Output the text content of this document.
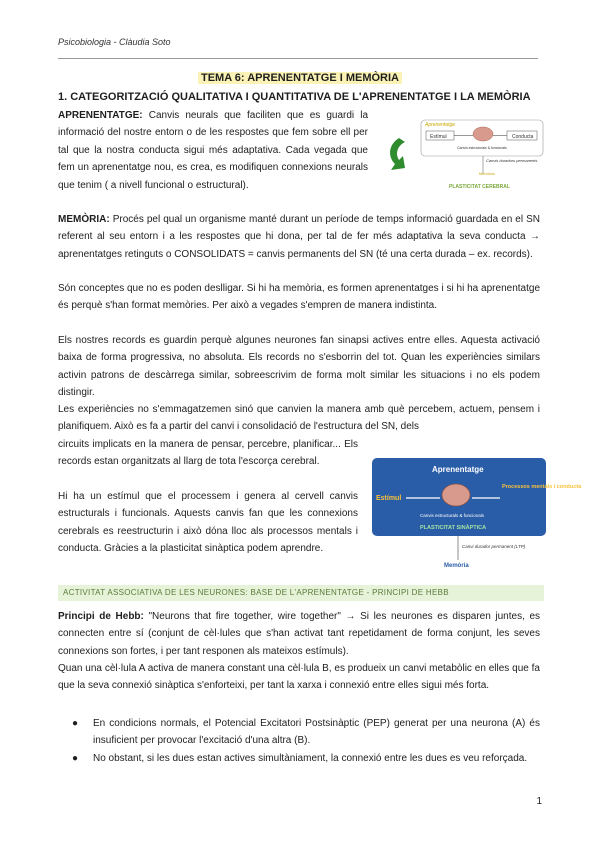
Psicobiologia - Clàudia Soto
TEMA 6: APRENENTATGE I MEMÒRIA
1. CATEGORITZACIÓ QUALITATIVA I QUANTITATIVA DE L'APRENENTATGE I LA MEMÒRIA
APRENENTATGE: Canvis neurals que faciliten que es guardi la informació del nostre entorn o de les respostes que fem sobre ell per tal que la nostra conducta sigui més adaptativa. Cada vegada que fem un aprenentatge nou, es crea, es modifiquen connexions neurals que tenim ( a nivell funcional o estructural).
Aprenentatge
Estímul	Conducta
Canvis estructurals & funcionals
Canvis duradors permanents
Memòria
PLASTICITAT CEREBRAL
MEMÒRIA: Procés pel qual un organisme manté durant un període de temps informació guardada en el SN referent al seu entorn i a les respostes que hi dona, per tal de fer més adaptativa la seva conducta → aprenentatges retinguts o CONSOLIDATS = canvis permanents del SN (té una certa durada – ex. records).
Són conceptes que no es poden deslligar. Si hi ha memòria, es formen aprenentatges i si hi ha aprenentatge és perquè s'han format memòries. Per això a vegades s'empren de manera indistinta.
Els nostres records es guardin perquè algunes neurones fan sinapsi actives entre elles. Aquesta activació baixa de forma progressiva, no absoluta. Els records no s'esborrin del tot. Quan les experiències similars activin patrons de descàrrega similar, sobreescrivim de forma molt similar les situacions i no els podem distingir.
Les experiències no s'emmagatzemen sinó que canvien la manera amb què percebem, actuem, pensem i planifiquem. Això es fa a partir del canvi i consolidació de l'estructura del SN, dels
circuits implicats en la manera de pensar, percebre, planificar... Els records estan organitzats al llarg de tota l'escorça cerebral.
Hi ha un estímul que el processem i genera al cervell canvis estructurals i funcionals. Aquests canvis fan que les connexions cerebrals es reestructurin i això dóna lloc als processos mentals i conducta. Gràcies a la plasticitat sinàptica podem aprendre.
Aprenentatge
Estímul
Processos mentals i conducta
Canvis estructurals & funcionals
PLASTICITAT SINÀPTICA
Canvi durador permanent (LTP)
Memòria
ACTIVITAT ASSOCIATIVA DE LES NEURONES: BASE DE L'APRENENTATGE - PRINCIPI DE HEBB
Principi de Hebb: "Neurons that fire together, wire together" → Si les neurones es disparen juntes, es connecten entre sí (conjunt de cèl·lules que s'han activat tant repetidament de forma conjunt, les seves connexions son fortes, i per tant responen als mateixos estímuls).
Quan una cèl·lula A activa de manera constant una cèl·lula B, es produeix un canvi metabòlic en elles que fa que la seva connexió sinàptica s'enforteixi, per tant la xarxa i connexió entre elles sigui més forta.
● En condicions normals, el Potencial Excitatori Postsinàptic (PEP) generat per una neurona (A) és insuficient per provocar l'excitació d'una altra (B).
● No obstant, si les dues estan actives simultàniament, la connexió entre les dues es veu reforçada.
1
